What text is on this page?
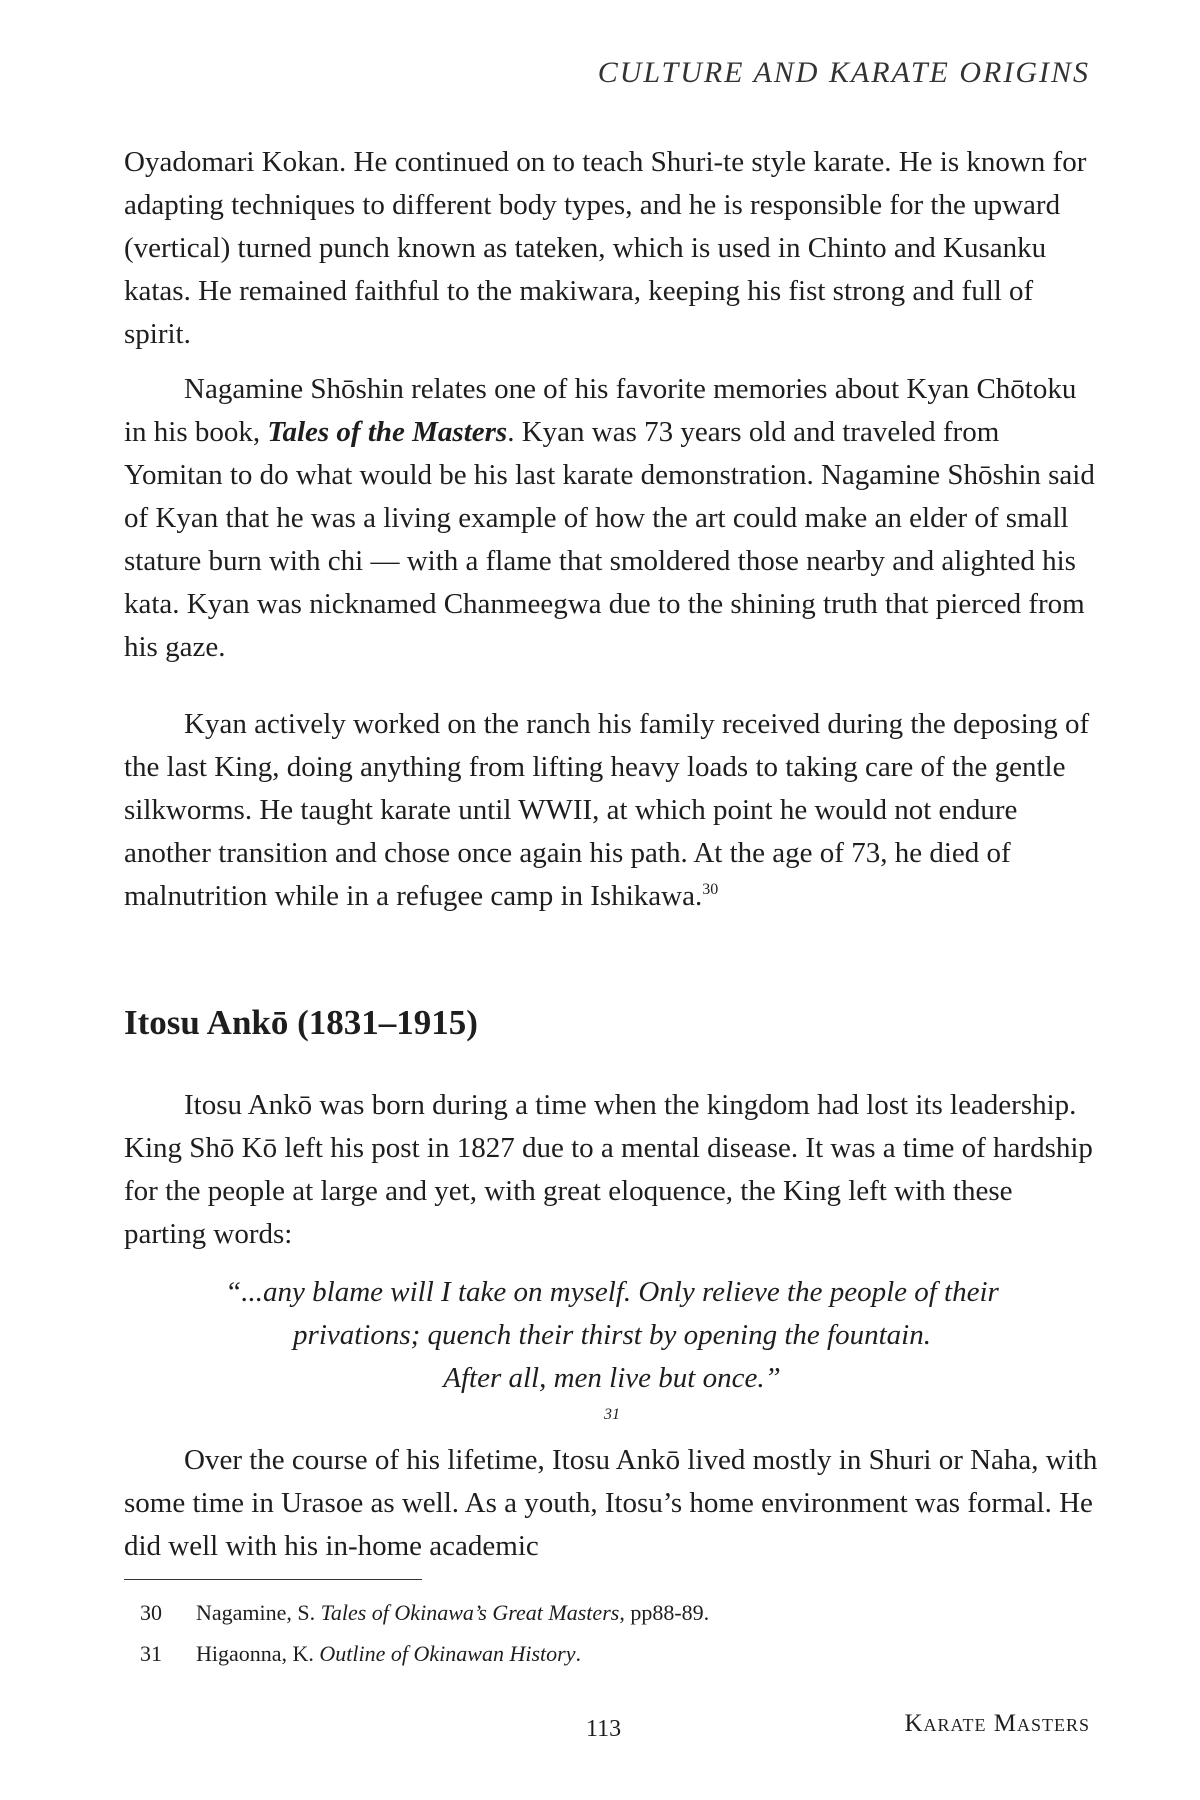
CULTURE AND KARATE ORIGINS

Oyadomari Kokan. He continued on to teach Shuri-te style karate. He is known for adapting techniques to different body types, and he is responsible for the upward (vertical) turned punch known as tateken, which is used in Chinto and Kusanku katas. He remained faithful to the makiwara, keeping his fist strong and full of spirit.

Nagamine Shōshin relates one of his favorite memories about Kyan Chōtoku in his book, Tales of the Masters. Kyan was 73 years old and traveled from Yomitan to do what would be his last karate demonstration. Nagamine Shōshin said of Kyan that he was a living example of how the art could make an elder of small stature burn with chi — with a flame that smoldered those nearby and alighted his kata. Kyan was nicknamed Chanmeegwa due to the shining truth that pierced from his gaze.

Kyan actively worked on the ranch his family received during the deposing of the last King, doing anything from lifting heavy loads to taking care of the gentle silkworms. He taught karate until WWII, at which point he would not endure another transition and chose once again his path. At the age of 73, he died of malnutrition while in a refugee camp in Ishikawa.$^{30}$

Itosu Ankō (1831–1915)

Itosu Ankō was born during a time when the kingdom had lost its leadership. King Shō Kō left his post in 1827 due to a mental disease. It was a time of hardship for the people at large and yet, with great eloquence, the King left with these parting words:

“...any blame will I take on myself. Only relieve the people of their
privations; quench their thirst by opening the fountain.
After all, men live but once.”
$^{31}$

Over the course of his lifetime, Itosu Ankō lived mostly in Shuri or Naha, with some time in Urasoe as well. As a youth, Itosu’s home environment was formal. He did well with his in-home academic

30 Nagamine, S. Tales of Okinawa’s Great Masters, pp88-89.
31 Higaonna, K. Outline of Okinawan History.
113	Karate Masters
